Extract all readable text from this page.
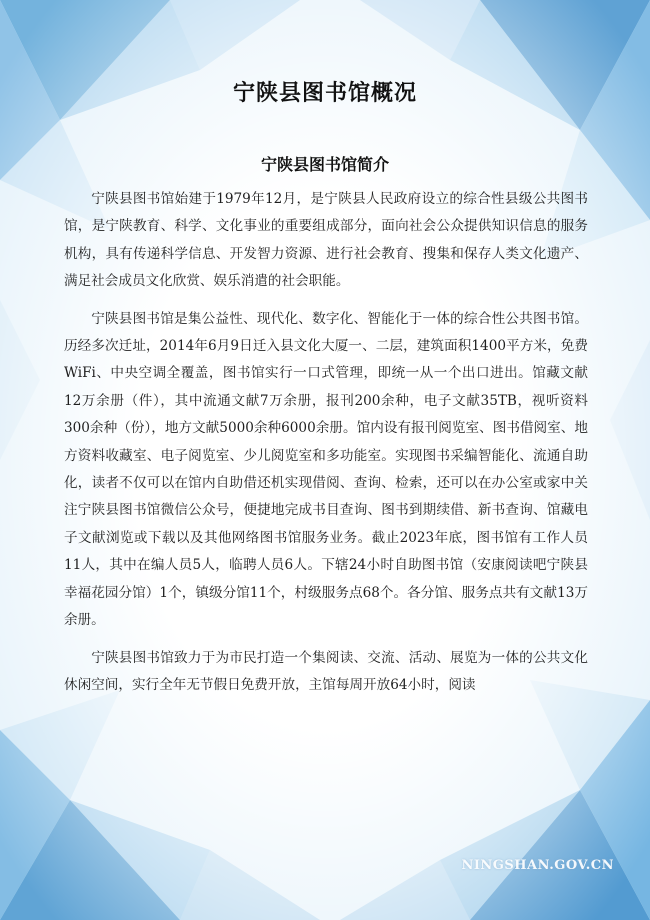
宁陕县图书馆概况
宁陕县图书馆简介

宁陕县图书馆始建于1979年12月，是宁陕县人民政府设立的综合性县级公共图书馆，是宁陕教育、科学、文化事业的重要组成部分，面向社会公众提供知识信息的服务机构，具有传递科学信息、开发智力资源、进行社会教育、搜集和保存人类文化遗产、满足社会成员文化欣赏、娱乐消遣的社会职能。

宁陕县图书馆是集公益性、现代化、数字化、智能化于一体的综合性公共图书馆。历经多次迁址，2014年6月9日迁入县文化大厦一、二层，建筑面积1400平方米，免费WiFi、中央空调全覆盖，图书馆实行一口式管理，即统一从一个出口进出。馆藏文献12万余册（件），其中流通文献7万余册，报刊200余种，电子文献35TB，视听资料300余种（份），地方文献5000余种6000余册。馆内设有报刊阅览室、图书借阅室、地方资料收藏室、电子阅览室、少儿阅览室和多功能室。实现图书采编智能化、流通自助化，读者不仅可以在馆内自助借还机实现借阅、查询、检索，还可以在办公室或家中关注宁陕县图书馆微信公众号，便捷地完成书目查询、图书到期续借、新书查询、馆藏电子文献浏览或下载以及其他网络图书馆服务业务。截止2023年底，图书馆有工作人员11人，其中在编人员5人，临聘人员6人。下辖24小时自助图书馆（安康阅读吧宁陕县幸福花园分馆）1个，镇级分馆11个，村级服务点68个。各分馆、服务点共有文献13万余册。

宁陕县图书馆致力于为市民打造一个集阅读、交流、活动、展览为一体的公共文化休闲空间，实行全年无节假日免费开放，主馆每周开放64小时，阅读

NINGSHAN.GOV.CN
